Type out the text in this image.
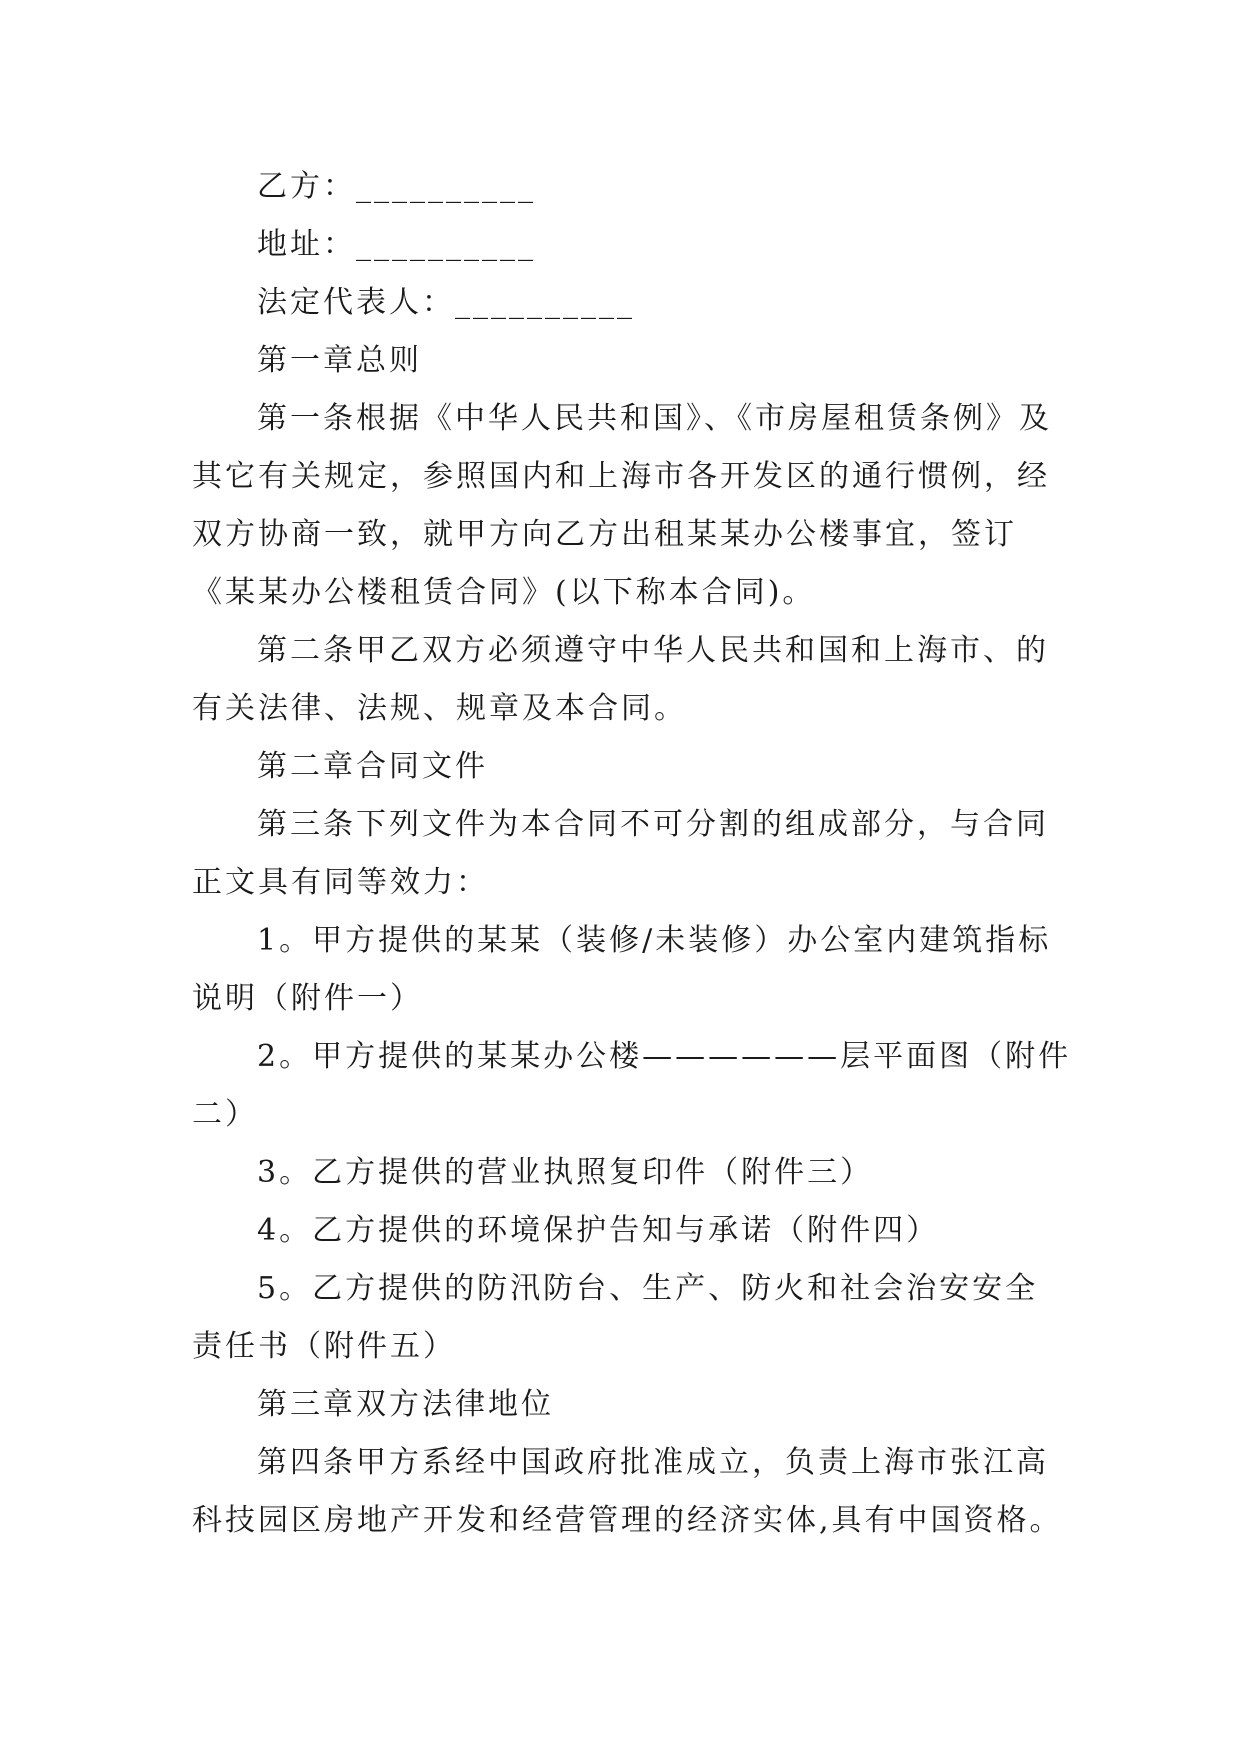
乙方：__________

地址：__________

法定代表人：__________

第一章总则

第一条根据《中华人民共和国》、《市房屋租赁条例》及

其它有关规定，参照国内和上海市各开发区的通行惯例，经

双方协商一致，就甲方向乙方出租某某办公楼事宜，签订

《某某办公楼租赁合同》(以下称本合同)。

第二条甲乙双方必须遵守中华人民共和国和上海市、的

有关法律、法规、规章及本合同。

第二章合同文件

第三条下列文件为本合同不可分割的组成部分，与合同

正文具有同等效力：

1。甲方提供的某某（装修/未装修）办公室内建筑指标

说明（附件一）

2。甲方提供的某某办公楼——————层平面图（附件

二）

3。乙方提供的营业执照复印件（附件三）

4。乙方提供的环境保护告知与承诺（附件四）

5。乙方提供的防汛防台、生产、防火和社会治安安全

责任书（附件五）

第三章双方法律地位

第四条甲方系经中国政府批准成立，负责上海市张江高

科技园区房地产开发和经营管理的经济实体,具有中国资格。
